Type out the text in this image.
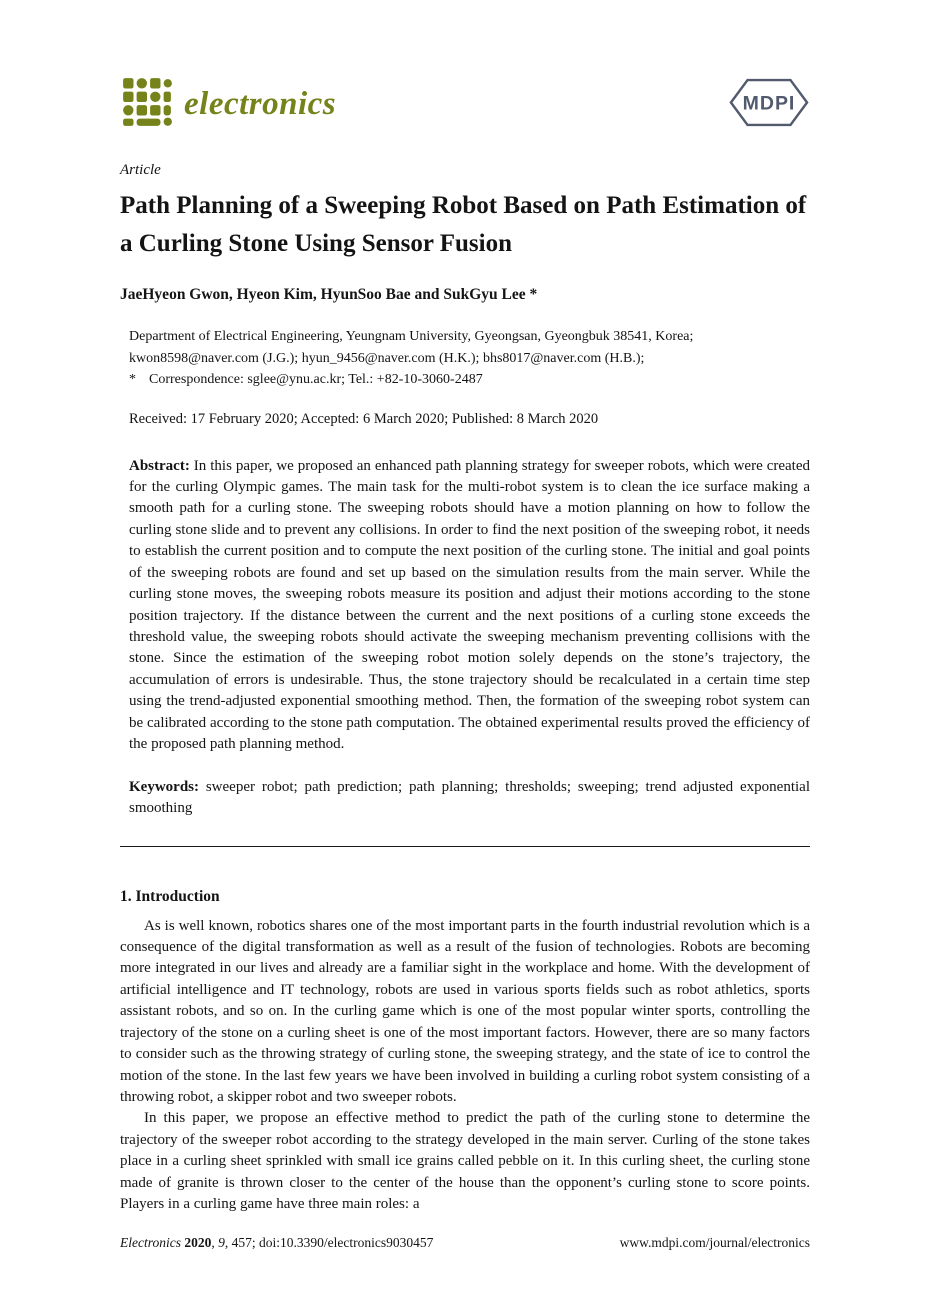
electronics	MDPI

Article

Path Planning of a Sweeping Robot Based on Path Estimation of a Curling Stone Using Sensor Fusion

JaeHyeon Gwon, Hyeon Kim, HyunSoo Bae and SukGyu Lee *

Department of Electrical Engineering, Yeungnam University, Gyeongsan, Gyeongbuk 38541, Korea;

kwon8598@naver.com (J.G.); hyun_9456@naver.com (H.K.); bhs8017@naver.com (H.B.);

* Correspondence: sglee@ynu.ac.kr; Tel.: +82-10-3060-2487

Received: 17 February 2020; Accepted: 6 March 2020; Published: 8 March 2020

Abstract: In this paper, we proposed an enhanced path planning strategy for sweeper robots, which were created for the curling Olympic games. The main task for the multi-robot system is to clean the ice surface making a smooth path for a curling stone. The sweeping robots should have a motion planning on how to follow the curling stone slide and to prevent any collisions. In order to find the next position of the sweeping robot, it needs to establish the current position and to compute the next position of the curling stone. The initial and goal points of the sweeping robots are found and set up based on the simulation results from the main server. While the curling stone moves, the sweeping robots measure its position and adjust their motions according to the stone position trajectory. If the distance between the current and the next positions of a curling stone exceeds the threshold value, the sweeping robots should activate the sweeping mechanism preventing collisions with the stone. Since the estimation of the sweeping robot motion solely depends on the stone’s trajectory, the accumulation of errors is undesirable. Thus, the stone trajectory should be recalculated in a certain time step using the trend-adjusted exponential smoothing method. Then, the formation of the sweeping robot system can be calibrated according to the stone path computation. The obtained experimental results proved the efficiency of the proposed path planning method.

Keywords: sweeper robot; path prediction; path planning; thresholds; sweeping; trend adjusted exponential smoothing

1. Introduction

As is well known, robotics shares one of the most important parts in the fourth industrial revolution which is a consequence of the digital transformation as well as a result of the fusion of technologies. Robots are becoming more integrated in our lives and already are a familiar sight in the workplace and home. With the development of artificial intelligence and IT technology, robots are used in various sports fields such as robot athletics, sports assistant robots, and so on. In the curling game which is one of the most popular winter sports, controlling the trajectory of the stone on a curling sheet is one of the most important factors. However, there are so many factors to consider such as the throwing strategy of curling stone, the sweeping strategy, and the state of ice to control the motion of the stone. In the last few years we have been involved in building a curling robot system consisting of a throwing robot, a skipper robot and two sweeper robots.

In this paper, we propose an effective method to predict the path of the curling stone to determine the trajectory of the sweeper robot according to the strategy developed in the main server. Curling of the stone takes place in a curling sheet sprinkled with small ice grains called pebble on it. In this curling sheet, the curling stone made of granite is thrown closer to the center of the house than the opponent’s curling stone to score points. Players in a curling game have three main roles: a

Electronics 2020, 9, 457; doi:10.3390/electronics9030457	www.mdpi.com/journal/electronics
